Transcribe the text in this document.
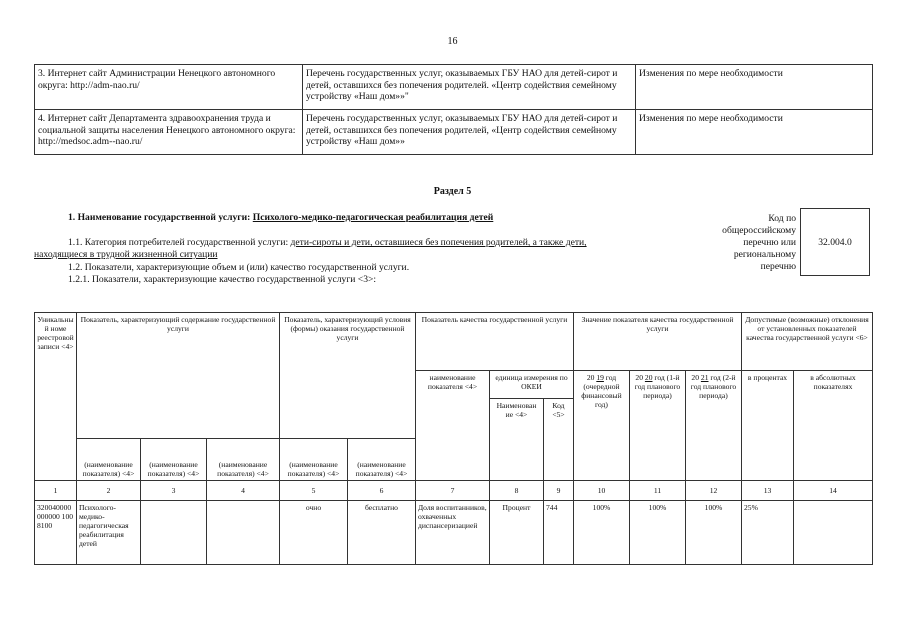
16
3. Интернет сайт Администрации Ненецкого автономного округа: http://adm-nao.ru/	Перечень государственных услуг, оказываемых ГБУ НАО для детей-сирот и детей, оставшихся без попечения родителей. «Центр содействия семейному устройству «Наш дом»»"	Изменения по мере необходимости
4. Интернет сайт Департамента здравоохранения труда и социальной защиты населения Ненецкого автономного округа: http://medsoc.adm--nao.ru/	Перечень государственных услуг, оказываемых ГБУ НАО для детей-сирот и детей, оставшихся без попечения родителей, «Центр содействия семейному устройству «Наш дом»»	Изменения по мере необходимости
Раздел 5
1. Наименование государственной услуги: Психолого-медико-педагогическая реабилитация детей
1.1. Категория потребителей государственной услуги: дети-сироты и дети, оставшиеся без попечения родителей, а также дети,
находящиеся в трудной жизненной ситуации
1.2. Показатели, характеризующие объем и (или) качество государственной услуги.
1.2.1. Показатели, характеризующие качество государственной услуги <3>:
Код по
общероссийскому
перечню или
региональному
перечню
32.004.0
Уникальны й номе реестровой записи <4>	Показатель, характеризующий содержание государственной услуги			Показатель, характеризующий условия (формы) оказания государственной услуги		Показатель качества государственной услуги			Значение показателя качества государственной услуги			Допустимые (возможные) отклонения от установленных показателей качества государственной услуги <6>	
						наименование показателя <4>	единица измерения по ОКЕИ		20 19 год (очередной финансовый год)	20 20 год (1-й год планового периода)	20 21 год (2-й год планового периода)	в процентах	в абсолютных показателях
							Наименован ие <4>	Код <5>					
	(наименование показателя) <4>	(наименование показателя) <4>	(наименование показателя) <4>	(наименование показателя) <4>	(наименование показателя) <4>								
1	2	3	4	5	6	7	8	9	10	11	12	13	14
320040000000000 1008100	Психолого-медико-педагогическая реабилитация детей			очно	бесплатно	Доля воспитанников, охваченных диспансеризацией	Процент	744	100%	100%	100%	25%	
